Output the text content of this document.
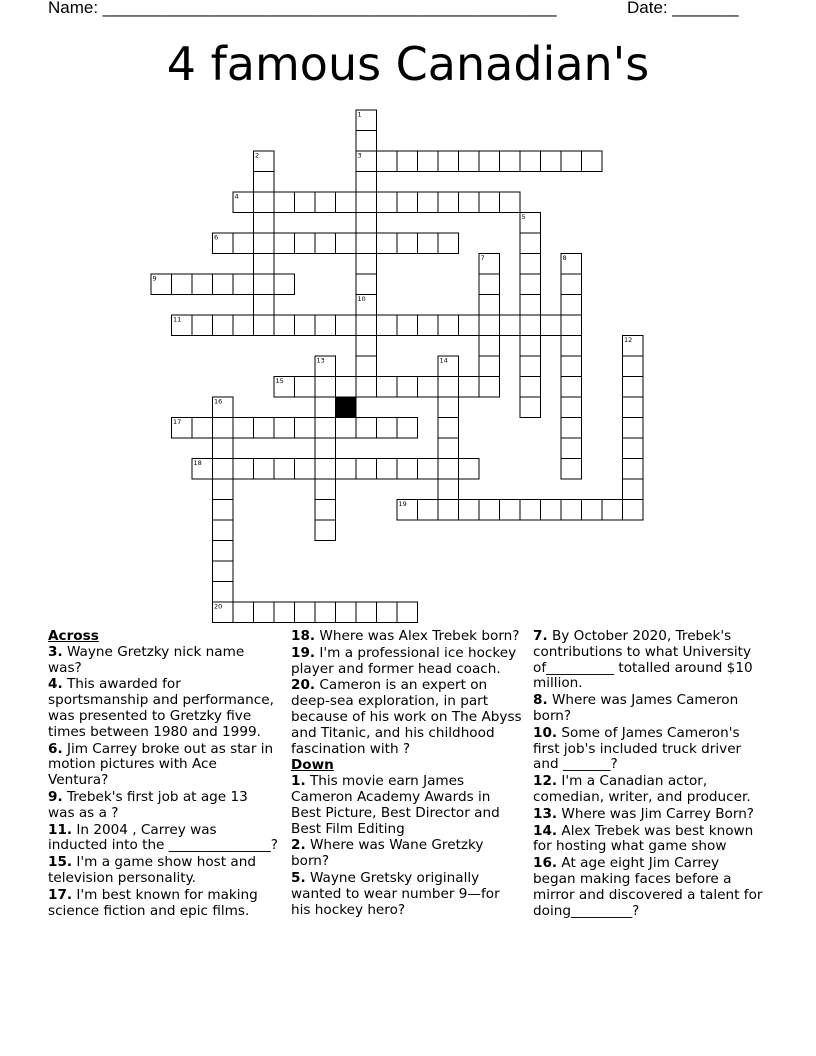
Name: ________________________________________________	Date: _______
4 famous Canadian's
1
2	3
4
5
6
7	8
9
10
11
12
13	14
15
16
17
18
19
20
Across
3. Wayne Gretzky nick name was?
4. This awarded for sportsmanship and performance, was presented to Gretzky five times between 1980 and 1999.
6. Jim Carrey broke out as star in motion pictures with Ace Ventura?
9. Trebek's first job at age 13 was as a ?
11. In 2004 , Carrey was inducted into the _______________?
15. I'm a game show host and television personality.
17. I'm best known for making science fiction and epic films.
18. Where was Alex Trebek born?
19. I'm a professional ice hockey player and former head coach.
20. Cameron is an expert on deep-sea exploration, in part because of his work on The Abyss and Titanic, and his childhood fascination with ?
Down
1. This movie earn James Cameron Academy Awards in Best Picture, Best Director and Best Film Editing
2. Where was Wane Gretzky born?
5. Wayne Gretsky originally wanted to wear number 9—for his hockey hero?
7. By October 2020, Trebek's contributions to what University of__________ totalled around $10 million.
8. Where was James Cameron born?
10. Some of James Cameron's first job's included truck driver and _______?
12. I'm a Canadian actor, comedian, writer, and producer.
13. Where was Jim Carrey Born?
14. Alex Trebek was best known for hosting what game show
16. At age eight Jim Carrey began making faces before a mirror and discovered a talent for doing_________?
